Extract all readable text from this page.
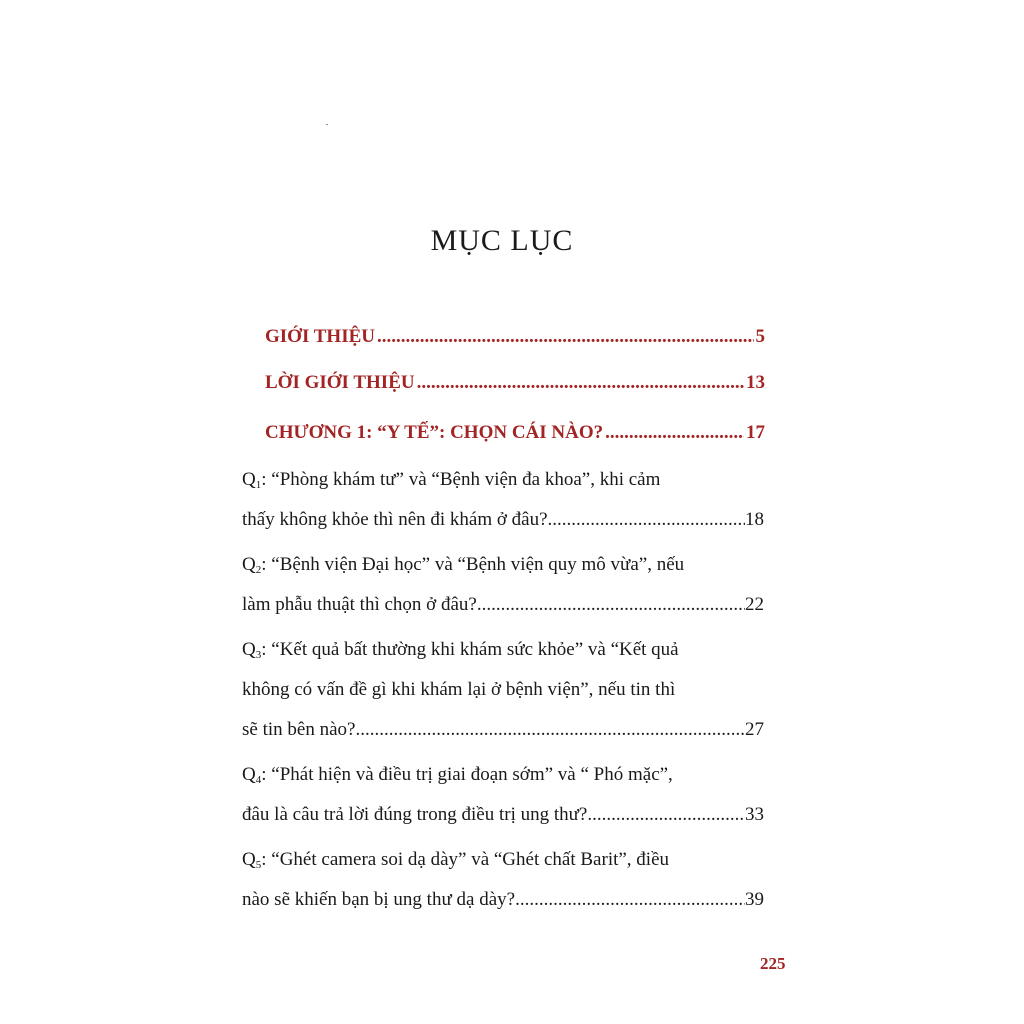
MỤC LỤC
GIỚI THIỆU .....	5
LỜI GIỚI THIỆU .....	13
CHƯƠNG 1: “Y TẾ”: CHỌN CÁI NÀO? .....	17
$Q_1$: “Phòng khám tư” và “Bệnh viện đa khoa”, khi cảm
thấy không khỏe thì nên đi khám ở đâu? .....	18
$Q_2$: “Bệnh viện Đại học” và “Bệnh viện quy mô vừa”, nếu
làm phẫu thuật thì chọn ở đâu? .....	22
$Q_3$: “Kết quả bất thường khi khám sức khỏe” và “Kết quả
không có vấn đề gì khi khám lại ở bệnh viện”, nếu tin thì
sẽ tin bên nào? .....	27
$Q_4$: “Phát hiện và điều trị giai đoạn sớm” và “ Phó mặc”,
đâu là câu trả lời đúng trong điều trị ung thư? .....	33
$Q_5$: “Ghét camera soi dạ dày” và “Ghét chất Barit”, điều
nào sẽ khiến bạn bị ung thư dạ dày? .....	39
225
